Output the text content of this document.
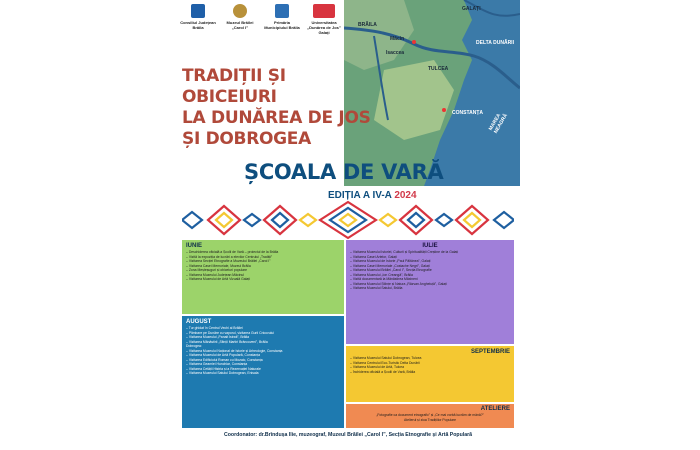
Consiliul Județean Brăila
Muzeul Brăilei „Carol I”
Primăria Municipiului Brăila
Universitatea „Dunărea de Jos” Galați
GALAȚI
BRĂILA
TULCEA
DELTA DUNĂRII
CONSTANȚA MAREA NEAGRĂ
Isaccea
Măcin
TRADIȚII ȘI OBICEIURI
LA DUNĂREA DE JOS
ȘI DOBROGEA
ȘCOALA DE VARĂ
EDIȚIA A IV-A 2024
IUNIE
– Deschiderea oficială a Școlii de Vară – proiectul de la Brăila
– Vizită la expoziția de lucrări a elevilor Centrului „Tradiții”
– Vizitarea Secției Etnografie a Muzeului Brăilei „Carol I”
– Vizitarea Casei Memoriale, Muzeul Brăila
– Zona Meșteșuguri și obiceiuri populare
– Vizitarea Muzeului Județean Măcinul
– Vizitarea Muzeului de Artă Vizuală Galați
IULIE
– Vizitarea Muzeului Istoriei, Culturii și Spiritualității Creștine de la Galați
– Vizitarea Casei Artelor, Galați
– Vizitarea Muzeului de Istorie „Paul Păltânea”, Galați
– Vizitarea Casei Memoriale „Costache Negri”, Galați
– Vizitarea Muzeului Brăilei „Carol I”, Secția Etnografie
– Vizitarea Muzeului „Ion Creangă”, Brăila
– Vizită documentară la Mănăstirea Măxineni
– Vizitarea Muzeului Științe și Natura „Răzvan Angheluță”, Galați
– Vizitarea Muzeului Satului, Brăila
AUGUST
– Tur ghidat în Centrul Vechi al Brăilei
– Plimbare pe Dunăre cu vaporul, vizitarea Gurii Cricovului
– Vizitarea Muzeului „Panait Istrati”, Brăila
– Vizitarea Mănăstirii „Sfinții Martiri Brâncoveni”, Brăila
Dobrogea:
– Vizitarea Muzeului Național de Istorie și Arheologie, Constanța
– Vizitarea Muzeului de Artă Populară, Constanța
– Vizitarea Edificiului Roman cu Mozaic, Constanța
– Vizitarea Geamiei Hunchiar, Constanța
– Vizitarea Cetății Histria și a Rezervației Naturale
– Vizitarea Muzeului Satului Dobrogean, Enisala
SEPTEMBRIE
– Vizitarea Muzeului Satului Dobrogean, Tulcea
– Vizitarea Centrului Eco-Turistic Delta Dunării
– Vizitarea Muzeului de Artă, Tulcea
– Închiderea oficială a Școlii de Vară, Brăila
ATELIERE
„Fotografie ca document etnografic” și „Ce mai vorbă lucrăm de mână?”
Atelierul și ziua Tradițiilor Populare
Coordonator: dr.Brîndușa Ilie, muzeograf, Muzeul Brăilei „Carol I”, Secția Etnografie și Artă Populară
